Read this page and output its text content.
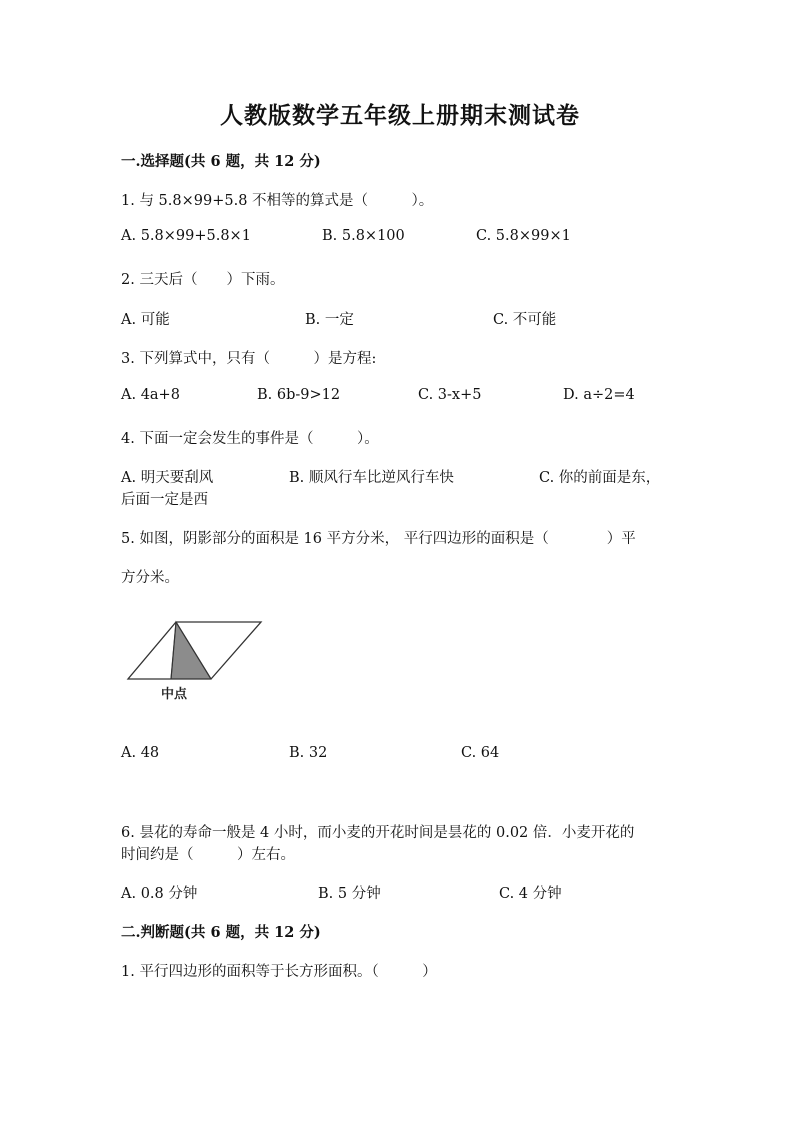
人教版数学五年级上册期末测试卷
一.选择题(共 6 题，共 12 分)
1. 与 5.8×99+5.8 不相等的算式是（　　　）。
A. 5.8×99+5.8×1	B. 5.8×100	C. 5.8×99×1
2. 三天后（　　）下雨。
A. 可能	B. 一定	C. 不可能
3. 下列算式中，只有（　　　）是方程:
A. 4a+8	B. 6b-9>12	C. 3-x+5	D. a÷2=4
4. 下面一定会发生的事件是（　　　）。
A. 明天要刮风	B. 顺风行车比逆风行车快	C. 你的前面是东，
后面一定是西
5. 如图，阴影部分的面积是 16 平方分米， 平行四边形的面积是（　　　　）平
方分米。
中点
A. 48	B. 32	C. 64
6. 昙花的寿命一般是 4 小时，而小麦的开花时间是昙花的 0.02 倍．小麦开花的
时间约是（　　　）左右。
A. 0.8 分钟	B. 5 分钟	C. 4 分钟
二.判断题(共 6 题，共 12 分)
1. 平行四边形的面积等于长方形面积。（　　　）
